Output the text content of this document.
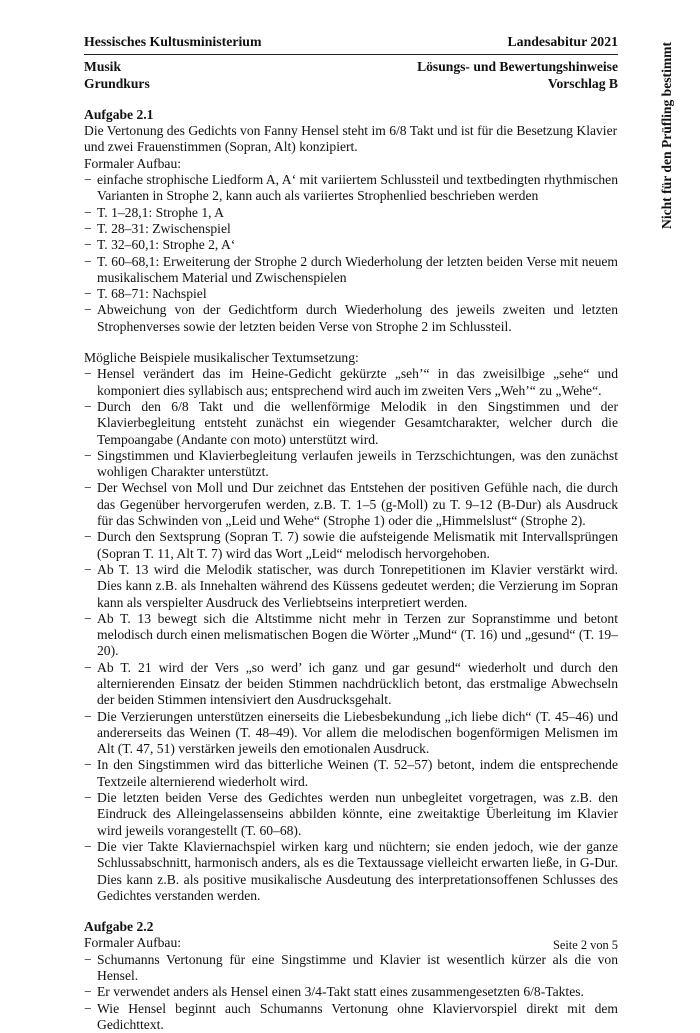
Hessisches Kultusministerium	Landesabitur 2021
Musik	Lösungs- und Bewertungshinweise
Grundkurs	Vorschlag B
Aufgabe 2.1
Die Vertonung des Gedichts von Fanny Hensel steht im 6/8 Takt und ist für die Besetzung Klavier und zwei Frauenstimmen (Sopran, Alt) konzipiert.
Formaler Aufbau:
− einfache strophische Liedform A, A‘ mit variiertem Schlussteil und textbedingten rhythmischen Varianten in Strophe 2, kann auch als variiertes Strophenlied beschrieben werden
− T. 1–28,1: Strophe 1, A
− T. 28–31: Zwischenspiel
− T. 32–60,1: Strophe 2, A‘
− T. 60–68,1: Erweiterung der Strophe 2 durch Wiederholung der letzten beiden Verse mit neuem musikalischem Material und Zwischenspielen
− T. 68–71: Nachspiel
− Abweichung von der Gedichtform durch Wiederholung des jeweils zweiten und letzten Strophenverses sowie der letzten beiden Verse von Strophe 2 im Schlussteil.
Mögliche Beispiele musikalischer Textumsetzung:
− Hensel verändert das im Heine-Gedicht gekürzte „seh’“ in das zweisilbige „sehe“ und komponiert dies syllabisch aus; entsprechend wird auch im zweiten Vers „Weh’“ zu „Wehe“.
− Durch den 6/8 Takt und die wellenförmige Melodik in den Singstimmen und der Klavierbegleitung entsteht zunächst ein wiegender Gesamtcharakter, welcher durch die Tempoangabe (Andante con moto) unterstützt wird.
− Singstimmen und Klavierbegleitung verlaufen jeweils in Terzschichtungen, was den zunächst wohligen Charakter unterstützt.
− Der Wechsel von Moll und Dur zeichnet das Entstehen der positiven Gefühle nach, die durch das Gegenüber hervorgerufen werden, z.B. T. 1–5 (g-Moll) zu T. 9–12 (B-Dur) als Ausdruck für das Schwinden von „Leid und Wehe“ (Strophe 1) oder die „Himmelslust“ (Strophe 2).
− Durch den Sextsprung (Sopran T. 7) sowie die aufsteigende Melismatik mit Intervallsprüngen (Sopran T. 11, Alt T. 7) wird das Wort „Leid“ melodisch hervorgehoben.
− Ab T. 13 wird die Melodik statischer, was durch Tonrepetitionen im Klavier verstärkt wird. Dies kann z.B. als Innehalten während des Küssens gedeutet werden; die Verzierung im Sopran kann als verspielter Ausdruck des Verliebtseins interpretiert werden.
− Ab T. 13 bewegt sich die Altstimme nicht mehr in Terzen zur Sopranstimme und betont melodisch durch einen melismatischen Bogen die Wörter „Mund“ (T. 16) und „gesund“ (T. 19–20).
− Ab T. 21 wird der Vers „so werd’ ich ganz und gar gesund“ wiederholt und durch den alternierenden Einsatz der beiden Stimmen nachdrücklich betont, das erstmalige Abwechseln der beiden Stimmen intensiviert den Ausdrucksgehalt.
− Die Verzierungen unterstützen einerseits die Liebesbekundung „ich liebe dich“ (T. 45–46) und andererseits das Weinen (T. 48–49). Vor allem die melodischen bogenförmigen Melismen im Alt (T. 47, 51) verstärken jeweils den emotionalen Ausdruck.
− In den Singstimmen wird das bitterliche Weinen (T. 52–57) betont, indem die entsprechende Textzeile alternierend wiederholt wird.
− Die letzten beiden Verse des Gedichtes werden nun unbegleitet vorgetragen, was z.B. den Eindruck des Alleingelassenseins abbilden könnte, eine zweitaktige Überleitung im Klavier wird jeweils vorangestellt (T. 60–68).
− Die vier Takte Klaviernachspiel wirken karg und nüchtern; sie enden jedoch, wie der ganze Schlussabschnitt, harmonisch anders, als es die Textaussage vielleicht erwarten ließe, in G-Dur. Dies kann z.B. als positive musikalische Ausdeutung des interpretationsoffenen Schlusses des Gedichtes verstanden werden.
Aufgabe 2.2
Formaler Aufbau:
− Schumanns Vertonung für eine Singstimme und Klavier ist wesentlich kürzer als die von Hensel.
− Er verwendet anders als Hensel einen 3/4-Takt statt eines zusammengesetzten 6/8-Taktes.
− Wie Hensel beginnt auch Schumanns Vertonung ohne Klaviervorspiel direkt mit dem Gedichttext.
Nicht für den Prüfling bestimmt
Seite 2 von 5
